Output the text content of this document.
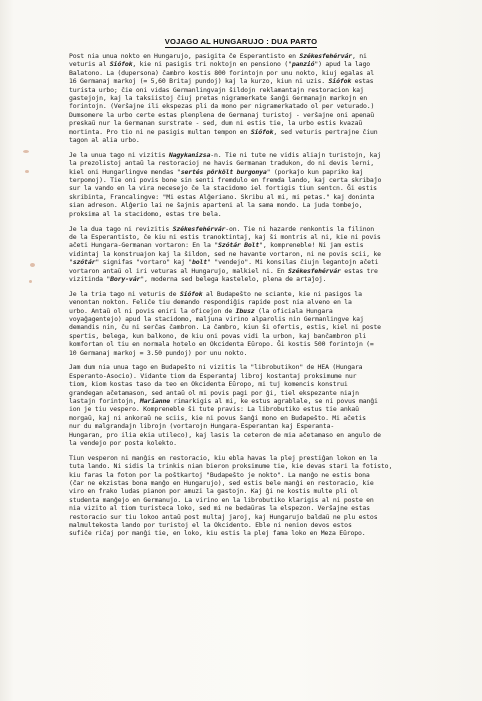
VOJAGO AL HUNGARUJO : DUA PARTO
Post nia unua nokto en Hungarujo, pasigita ĉe Esperantisto en Székesfehérvár, ni
veturis al Siófok, kie ni pasigis tri noktojn en pensiono ("panzió") apud la lago
Balatono. La (dupersona) ĉambro kostis 800 forintojn por unu nokto, kiuj egalas al
16 Germanaj markoj (= 5,60 Britaj pundoj) kaj la kurzo, kiun ni uzis. Siófok estas
turista urbo; ĉie oni vidas Germanlingvajn ŝildojn reklamantajn restoracion kaj
gastejojn, kaj la taksiistoj ĉiuj pretas nigramerkate ŝanĝi Germanajn markojn en
forintojn. (Verŝajne ili ekspezas pli da mono per nigramerkatado ol per veturado.)
Dumsomere la urbo certe estas plenplena de Germanaj turistoj - verŝajne oni apenaŭ
preskaŭ nur la Germanan surstrate - sed, dum ni estis tie, la urbo estis kvazaŭ
mortinta. Pro tio ni ne pasigis multan tempon en Siófok, sed veturis pertrajne ĉiun
tagon al alia urbo.
Je la unua tago ni vizitis Nagykanizsa-n. Tie ni tute ne vidis aliajn turistojn, kaj
la prezolistoj antaŭ la restoracioj ne havis Germanan tradukon, do ni devis lerni,
kiel oni Hungarlingve mendas "sertés pörkölt burgonya" (porkaĵo kun papriko kaj
terpomoj). Tie oni povis bone sin senti fremdulo en fremda lando, kaj certa skribaĵo
sur la vando en la vira necesejo ĉe la stacidomo iel fortigis tiun sentcn. Ĝi estis
skribinta, Francalingve: "Mi estas Alĝeriano. Skribu al mi, mi petas." kaj doninta
sian adreson. Alĝerio lai ne ŝajnis aparteni al la sama mondo. La juda tombejo,
proksima al la stacidomo, estas tre bela.
Je la dua tago ni revizitis Székesfehérvár-on. Tie ni hazarde renkontis la filinon
de la Esperantisto, ĉe kiu ni estis tranoktintaj, kaj ŝi montris al ni, kie ni povis
aĉeti Hungara-Germanan vortaron: En la "Szótár Bolt", kompreneble! Ni jam estis
vidintaj la konstruajon kaj la ŝildon, sed ne havante vortaron, ni ne povis scii, ke
"szótár" signifas "vortaro" kaj "bolt" "vendejo". Mi konsilas ĉiujn legantojn aĉeti
vortaron antaŭ ol iri veturas al Hungarujo, malkiel ni. En Székesfehérvár estas tre
vizitinda "Bory-vár", moderna sed belega kastelelo, plena de artaĵoj.
Je la tria tago ni veturis de Siófok al Budapeŝto ne sciante, kie ni pasigos la
venontan nokton. Feliĉe tiu demando respondiĝis rapide post nia alveno en la
urbo. Antaŭ ol ni povis eniri la oficejon de Ibusz (la oficiala Hungara
voyaĝagentejo) apud la stacidomo, maljuna virino alparolis nin Germanlingve kaj
demandis nin, ĉu ni serĉas ĉambron. La ĉambro, kiun ŝi ofertis, estis, kiel ni poste
spertis, belega, kun balkono, de kiu oni povas vidi la urbon, kaj banĉambron pli
komfortan ol tiu en normala hotelo en Okcidenta Eŭropo. Ĝi kostis 500 forintojn (=
10 Germanaj markoj = 3.50 pundoj) por unu nokto.
Jam dum nia unua tago en Budapeŝto ni vizitis la "librobutikon" de HEA (Hungara
Esperanto-Asocio). Vidante tiom da Esperantaj libroj kostantaj proksimume nur
tiom, kiom kostas taso da teo en Okcidenta Eŭropo, mi tuj komencis konstrui
grandegan aĉetamason, sed antaŭ ol mi povis pagi por ĝi, tiel ekspezante niajn
lastajn forintojn, Marianne rimarkigis al mi, ke estus agrablale, se ni povus manĝi
ion je tiu vespero. Kompreneble ŝi tute pravis: La librobutiko estus tie ankaŭ
morgaŭ, kaj ni ankoraŭ ne sciis, kie ni povus ŝanĝi mono en Budapeŝto. Mi aĉetis
nur du malgrandajn librojn (vortarojn Hungara-Esperantan kaj Esperanta-
Hungaran, pro ilia ekia utileco), kaj lasis la ceteron de mia aĉetamaso en angulo de
la vendejo por posta kolekto.
Tiun vesperon ni manĝis en restoracio, kiu ebla havas la plej prestiĝan lokon en la
tuta lando. Ni sidis la trinkis nian bieron proksimume tie, kie devas stari la fotisto,
kiu faras la foton por la poŝtkartoj "Budapeŝto je nokto". La manĝo ne estis bona
(ĉar ne ekzistas bona manĝo en Hungarujo), sed estis bele manĝi en restoracio, kie
viro en frako ludas pianon por amuzi la gastojn. Kaj ĝi ne kostis multe pli ol
studenta manĝejo en Germanujo. La virino en la librobutiko klarigis al ni poste en
nia vizito al tiom turisteca loko, sed mi ne bedaŭras la elspezon. Verŝajne estas
restoracio sur tiu lokoo antaŭ post multaj jaroj, kaj Hungarujo baldaŭ ne plu estos
malmultekosta lando por turistoj el la Okcidento. Eble ni nenion devos estos
sufiĉe riĉaj por manĝi tie, en loko, kiu estis la plej fama loko en Meza Eŭropo.
